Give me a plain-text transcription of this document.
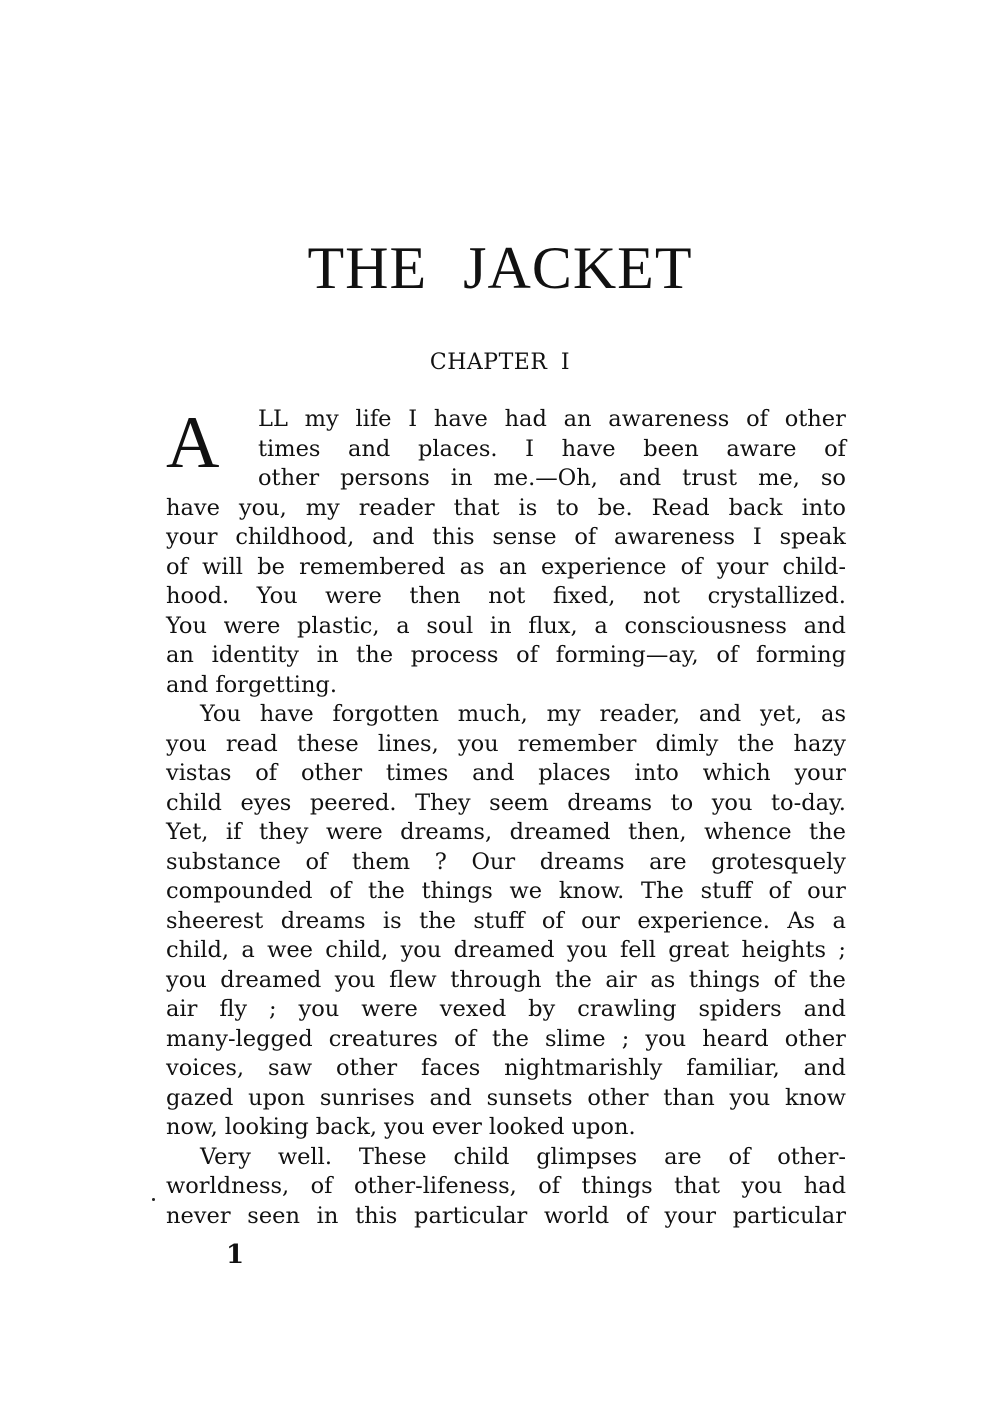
THE JACKET
CHAPTER I
A LL my life I have had an awareness of other
times and places. I have been aware of
other persons in me.—Oh, and trust me, so
have you, my reader that is to be. Read back into
your childhood, and this sense of awareness I speak
of will be remembered as an experience of your child-
hood. You were then not fixed, not crystallized.
You were plastic, a soul in flux, a consciousness and
an identity in the process of forming—ay, of forming
and forgetting.
You have forgotten much, my reader, and yet, as
you read these lines, you remember dimly the hazy
vistas of other times and places into which your
child eyes peered. They seem dreams to you to-day.
Yet, if they were dreams, dreamed then, whence the
substance of them ? Our dreams are grotesquely
compounded of the things we know. The stuff of our
sheerest dreams is the stuff of our experience. As a
child, a wee child, you dreamed you fell great heights ;
you dreamed you flew through the air as things of the
air fly ; you were vexed by crawling spiders and
many-legged creatures of the slime ; you heard other
voices, saw other faces nightmarishly familiar, and
gazed upon sunrises and sunsets other than you know
now, looking back, you ever looked upon.
Very well. These child glimpses are of other-
worldness, of other-lifeness, of things that you had
never seen in this particular world of your particular
1
